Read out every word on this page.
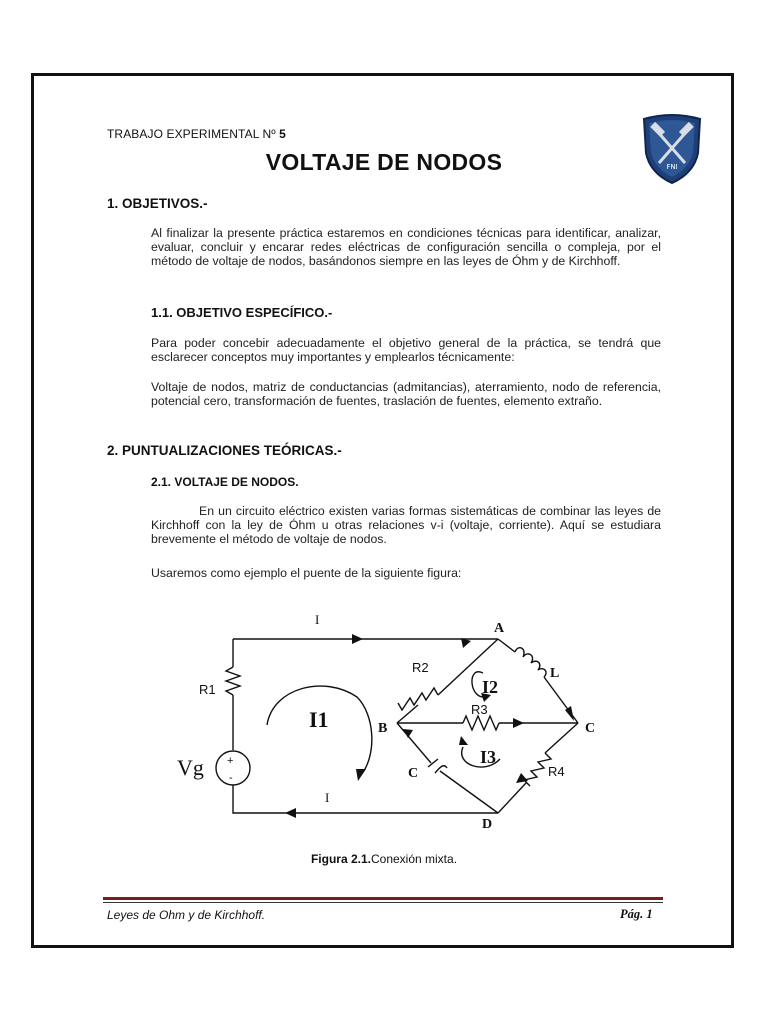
TRABAJO EXPERIMENTAL Nº 5
VOLTAJE DE NODOS	FNI
1. OBJETIVOS.-
Al finalizar la presente práctica estaremos en condiciones técnicas para identificar, analizar, evaluar, concluir y encarar redes eléctricas de configuración sencilla o compleja, por el método de voltaje de nodos, basándonos siempre en las leyes de Óhm y de Kirchhoff.
1.1. OBJETIVO ESPECÍFICO.-
Para poder concebir adecuadamente el objetivo general de la práctica, se tendrá que esclarecer conceptos muy importantes y emplearlos técnicamente:
Voltaje de nodos, matriz de conductancias (admitancias), aterramiento, nodo de referencia, potencial cero, transformación de fuentes, traslación de fuentes, elemento extraño.
2. PUNTUALIZACIONES TEÓRICAS.-
2.1. VOLTAJE DE NODOS.
En un circuito eléctrico existen varias formas sistemáticas de combinar las leyes de Kirchhoff con la ley de Óhm u otras relaciones v-i (voltaje, corriente). Aquí se estudiara brevemente el método de voltaje de nodos.
Usaremos como ejemplo el puente de la siguiente figura:
I
I
R1
+
-
Vg
I1
A
B	C
D
R2
R3
R4
L
C
I2
I3
Figura 2.1.Conexión mixta.
Leyes de Ohm y de Kirchhoff.	Pág. 1
